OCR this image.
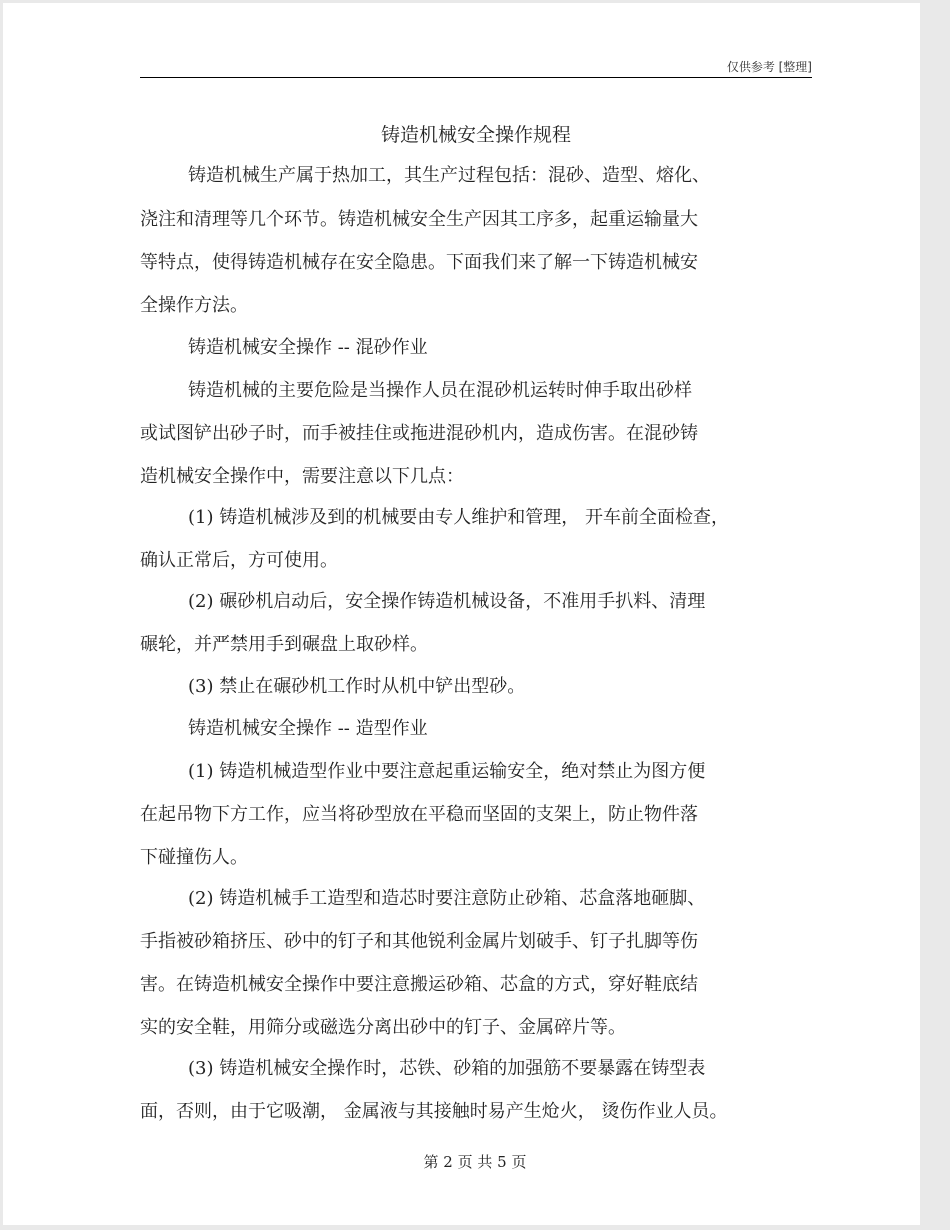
仅供参考 [整理]
铸造机械安全操作规程
铸造机械生产属于热加工，其生产过程包括：混砂、造型、熔化、
浇注和清理等几个环节。铸造机械安全生产因其工序多，起重运输量大
等特点，使得铸造机械存在安全隐患。下面我们来了解一下铸造机械安
全操作方法。
铸造机械安全操作 -- 混砂作业
铸造机械的主要危险是当操作人员在混砂机运转时伸手取出砂样
或试图铲出砂子时，而手被挂住或拖进混砂机内，造成伤害。在混砂铸
造机械安全操作中，需要注意以下几点：
(1) 铸造机械涉及到的机械要由专人维护和管理， 开车前全面检查，
确认正常后，方可使用。
(2) 碾砂机启动后，安全操作铸造机械设备，不准用手扒料、清理
碾轮，并严禁用手到碾盘上取砂样。
(3) 禁止在碾砂机工作时从机中铲出型砂。
铸造机械安全操作 -- 造型作业
(1) 铸造机械造型作业中要注意起重运输安全，绝对禁止为图方便
在起吊物下方工作，应当将砂型放在平稳而坚固的支架上，防止物件落
下碰撞伤人。
(2) 铸造机械手工造型和造芯时要注意防止砂箱、芯盒落地砸脚、
手指被砂箱挤压、砂中的钉子和其他锐利金属片划破手、钉子扎脚等伤
害。在铸造机械安全操作中要注意搬运砂箱、芯盒的方式，穿好鞋底结
实的安全鞋，用筛分或磁选分离出砂中的钉子、金属碎片等。
(3) 铸造机械安全操作时，芯铁、砂箱的加强筋不要暴露在铸型表
面，否则，由于它吸潮， 金属液与其接触时易产生炝火， 烫伤作业人员。
第 2 页 共 5 页
